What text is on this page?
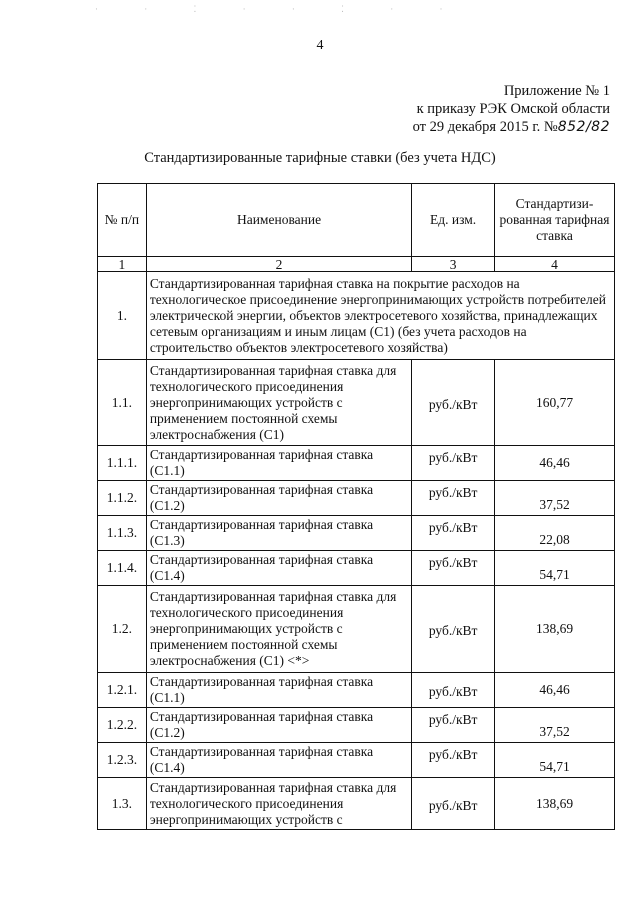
· · ⁚ · · ⁚ · ·
4
Приложение № 1
к приказу РЭК Омской области
от 29 декабря 2015 г. №852/82
Стандартизированные тарифные ставки (без учета НДС)
№ п/п	Наименование	Ед. изм.	Стандартизи-рованная тарифная ставка
1	2	3	4
1.	Стандартизированная тарифная ставка на покрытие расходов на технологическое присоединение энергопринимающих устройств потребителей электрической энергии, объектов электросетевого хозяйства, принадлежащих сетевым организациям и иным лицам (С1) (без учета расходов на строительство объектов электросетевого хозяйства)		
1.1.	Стандартизированная тарифная ставка для технологического присоединения энергопринимающих устройств с применением постоянной схемы электроснабжения (С1)	руб./кВт	160,77
1.1.1.	Стандартизированная тарифная ставка (С1.1)	руб./кВт	46,46
1.1.2.	Стандартизированная тарифная ставка (С1.2)	руб./кВт	37,52
1.1.3.	Стандартизированная тарифная ставка (С1.3)	руб./кВт	22,08
1.1.4.	Стандартизированная тарифная ставка (С1.4)	руб./кВт	54,71
1.2.	Стандартизированная тарифная ставка для технологического присоединения энергопринимающих устройств с применением постоянной схемы электроснабжения (С1) <*>	руб./кВт	138,69
1.2.1.	Стандартизированная тарифная ставка (С1.1)	руб./кВт	46,46
1.2.2.	Стандартизированная тарифная ставка (С1.2)	руб./кВт	37,52
1.2.3.	Стандартизированная тарифная ставка (С1.4)	руб./кВт	54,71
1.3.	Стандартизированная тарифная ставка для технологического присоединения энергопринимающих устройств с	руб./кВт	138,69
